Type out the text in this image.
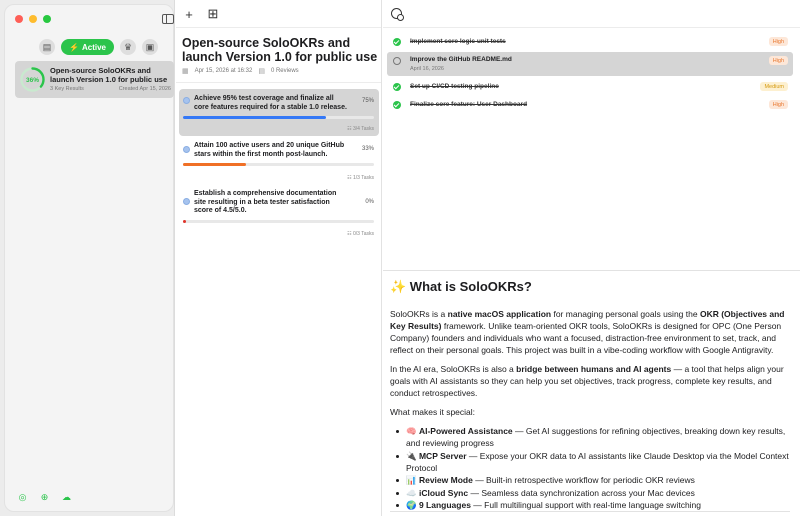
▤	⚡ Active	♛	▣
36%
Open-source SoloOKRs and launch Version 1.0 for public use
3 Key Results	Created Apr 15, 2026
◎ ⊕ ☁
+ ⊞
Open-source SoloOKRs and launch Version 1.0 for public use
▦ Apr 15, 2026 at 16:32 ▤ 0 Reviews
Achieve 95% test coverage and finalize all core features required for a stable 1.0 release.
75%
☷ 3/4 Tasks
Attain 100 active users and 20 unique GitHub stars within the first month post-launch.
33%
☷ 1/3 Tasks
Establish a comprehensive documentation site resulting in a beta tester satisfaction score of 4.5/5.0.
0%
☷ 0/3 Tasks
Implement core logic unit tests	High
Improve the GitHub README.md
April 16, 2026
High
Set up CI/CD testing pipeline	Medium
Finalize core feature: User Dashboard	High
✨ What is SoloOKRs?

SoloOKRs is a native macOS application for managing personal goals using the OKR (Objectives and Key Results) framework. Unlike team-oriented OKR tools, SoloOKRs is designed for OPC (One Person Company) founders and individuals who want a focused, distraction-free environment to set, track, and reflect on their personal goals. This project was built in a vibe-coding workflow with Google Antigravity.

In the AI era, SoloOKRs is also a bridge between humans and AI agents — a tool that helps align your goals with AI assistants so they can help you set objectives, track progress, complete key results, and conduct retrospectives.

What makes it special:

🧠 AI-Powered Assistance — Get AI suggestions for refining objectives, breaking down key results, and reviewing progress
🔌 MCP Server — Expose your OKR data to AI assistants like Claude Desktop via the Model Context Protocol
📊 Review Mode — Built-in retrospective workflow for periodic OKR reviews
☁️ iCloud Sync — Seamless data synchronization across your Mac devices
🌍 9 Languages — Full multilingual support with real-time language switching
